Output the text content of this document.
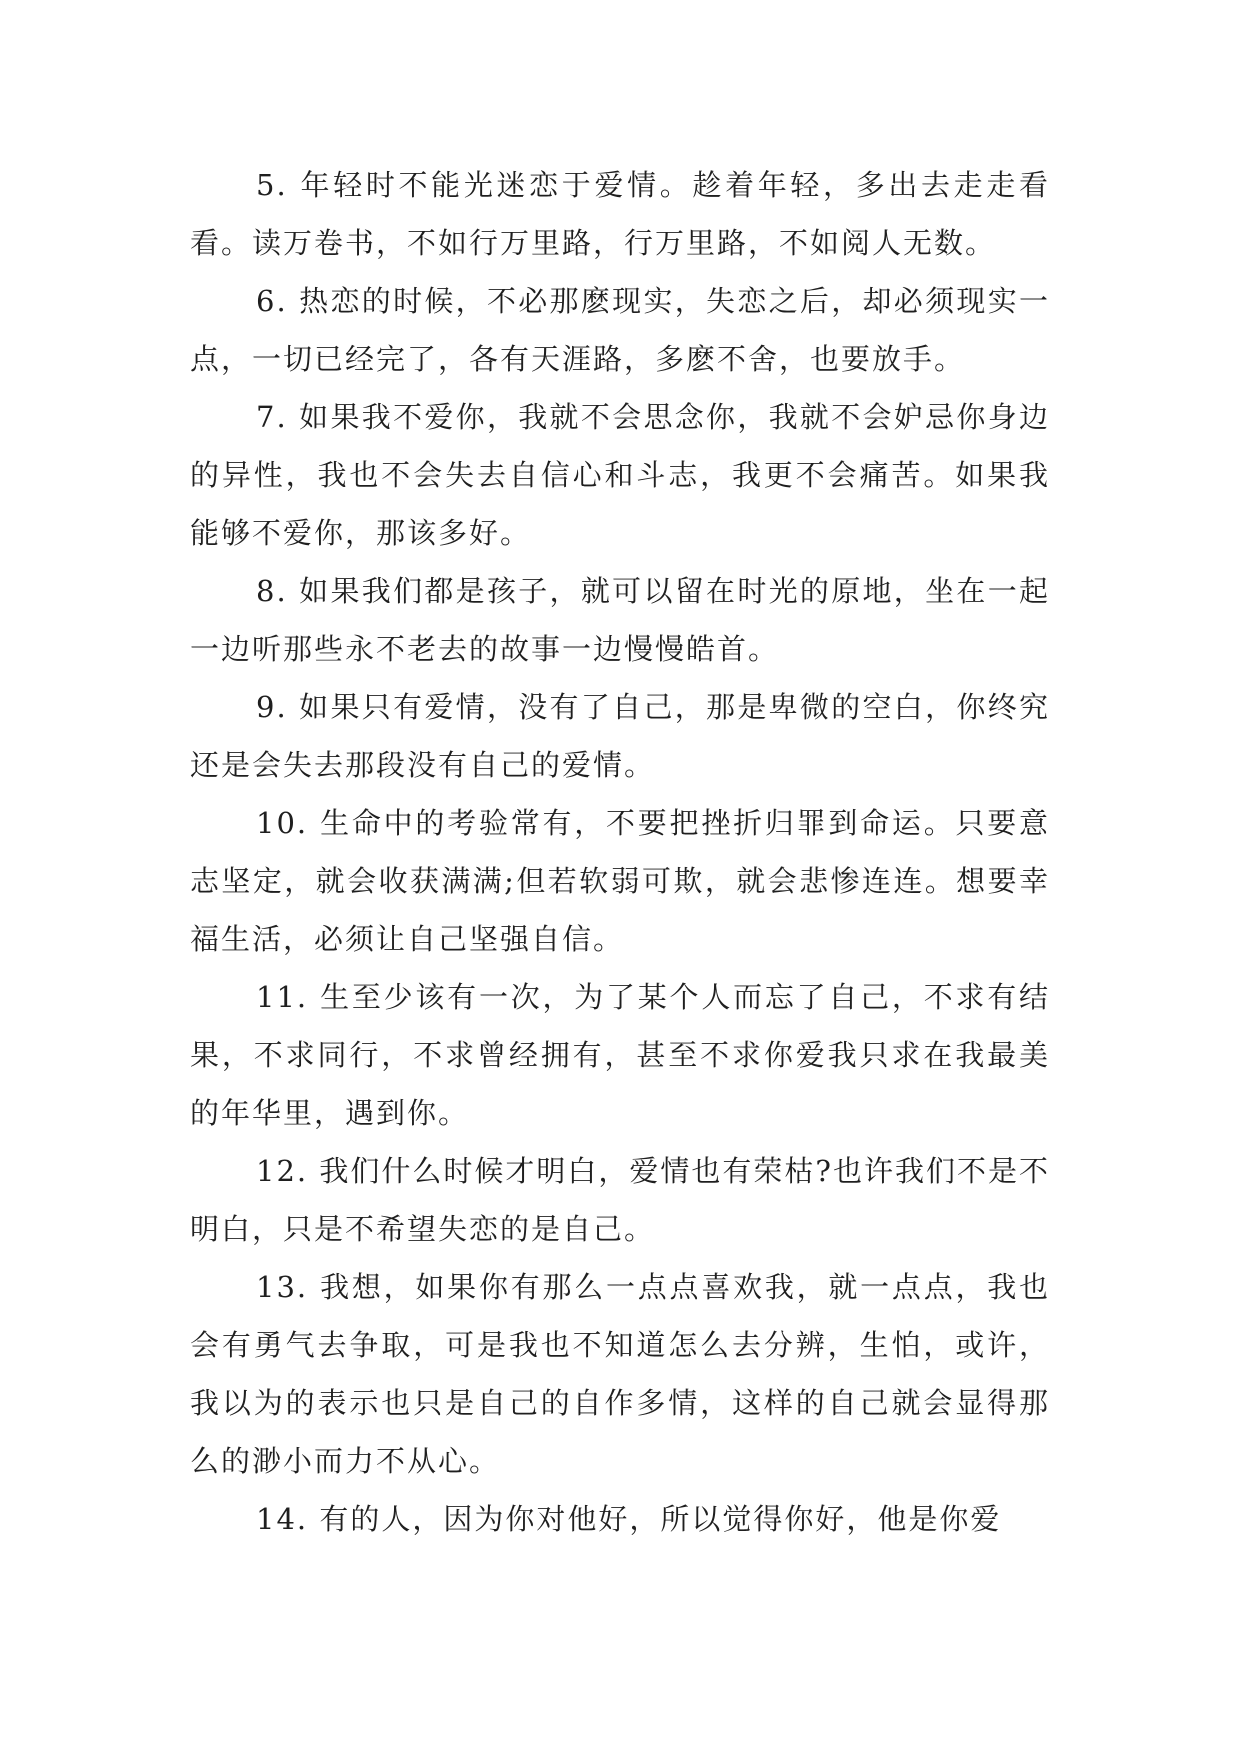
5. 年轻时不能光迷恋于爱情。趁着年轻，多出去走走看看。读万卷书，不如行万里路，行万里路，不如阅人无数。

6. 热恋的时候，不必那麽现实，失恋之后，却必须现实一点，一切已经完了，各有天涯路，多麽不舍，也要放手。

7. 如果我不爱你，我就不会思念你，我就不会妒忌你身边的异性，我也不会失去自信心和斗志，我更不会痛苦。如果我能够不爱你，那该多好。

8. 如果我们都是孩子，就可以留在时光的原地，坐在一起一边听那些永不老去的故事一边慢慢皓首。

9. 如果只有爱情，没有了自己，那是卑微的空白，你终究还是会失去那段没有自己的爱情。

10. 生命中的考验常有，不要把挫折归罪到命运。只要意志坚定，就会收获满满;但若软弱可欺，就会悲惨连连。想要幸福生活，必须让自己坚强自信。

11. 生至少该有一次，为了某个人而忘了自己，不求有结果，不求同行，不求曾经拥有，甚至不求你爱我只求在我最美的年华里，遇到你。

12. 我们什么时候才明白，爱情也有荣枯?也许我们不是不明白，只是不希望失恋的是自己。

13. 我想，如果你有那么一点点喜欢我，就一点点，我也会有勇气去争取，可是我也不知道怎么去分辨，生怕，或许，我以为的表示也只是自己的自作多情，这样的自己就会显得那么的渺小而力不从心。

14. 有的人，因为你对他好，所以觉得你好，他是你爱
